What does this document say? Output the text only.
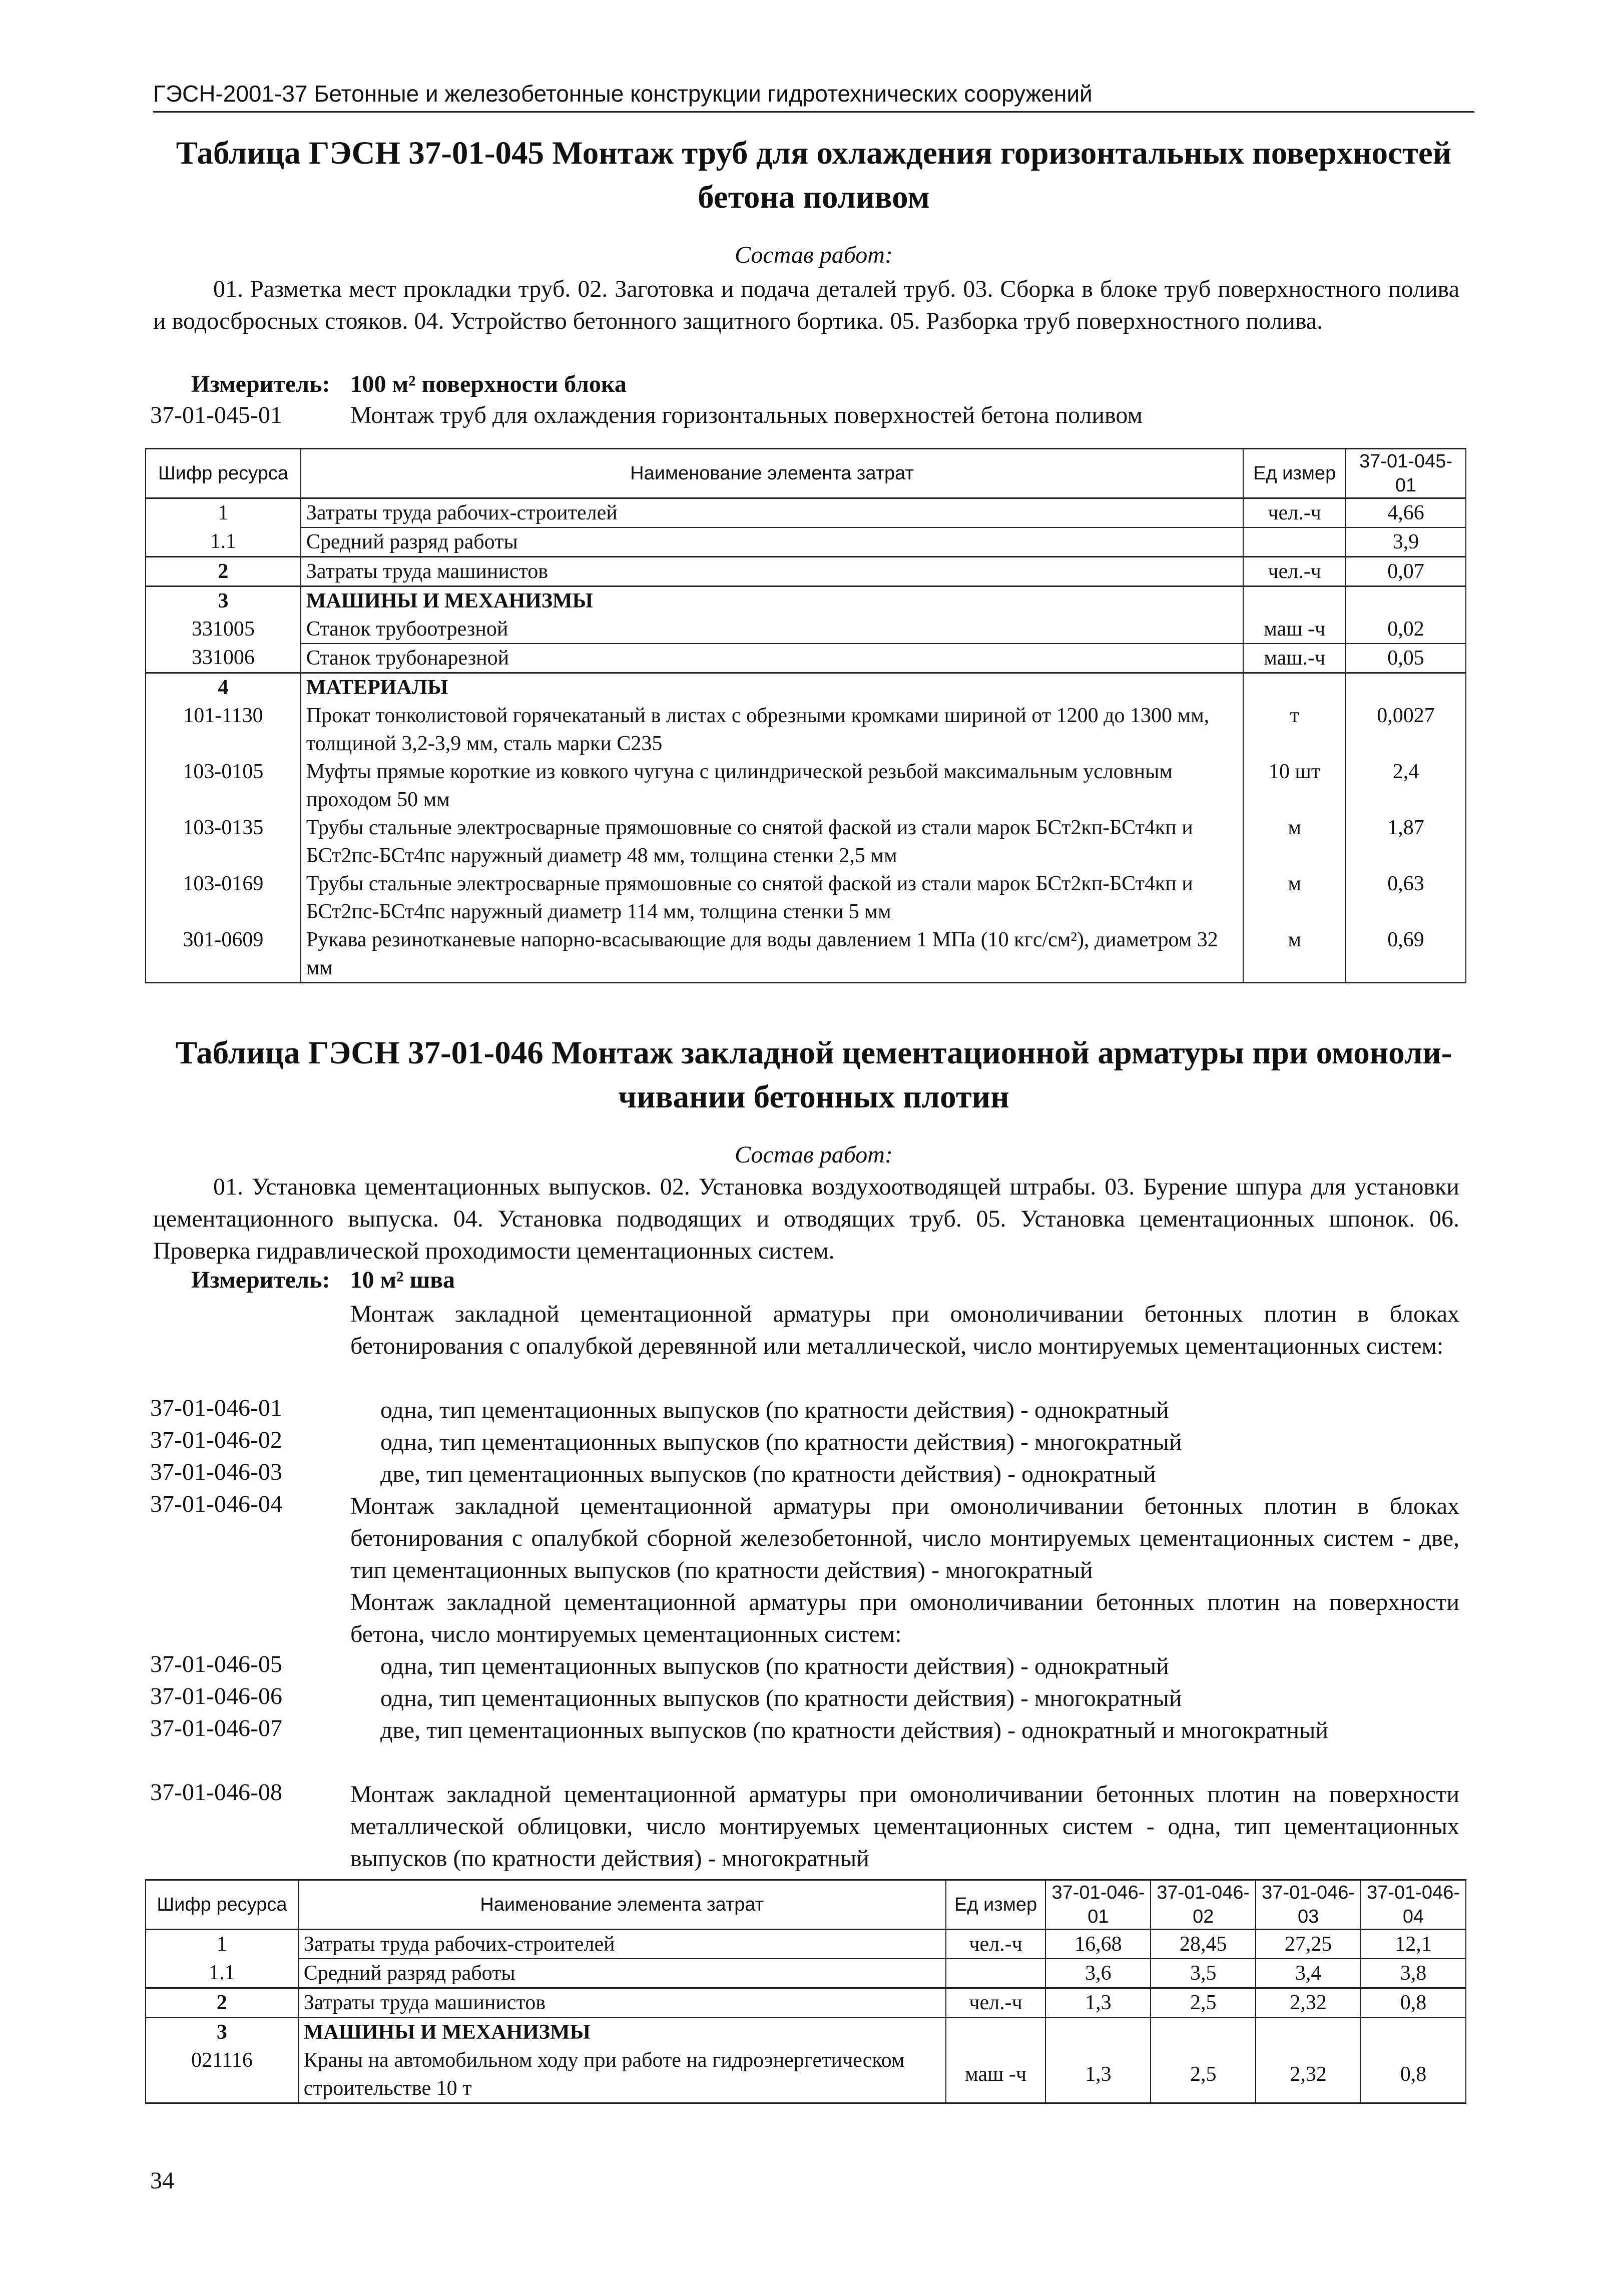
ГЭСН-2001-37 Бетонные и железобетонные конструкции гидротехнических сооружений
Таблица ГЭСН 37-01-045 Монтаж труб для охлаждения горизонтальных поверхностей
бетона поливом
Состав работ:
01. Разметка мест прокладки труб. 02. Заготовка и подача деталей труб. 03. Сборка в блоке труб поверхностного полива и водосбросных стояков. 04. Устройство бетонного защитного бортика. 05. Разборка труб поверхностного полива.
Измеритель: 100 м² поверхности блока
37-01-045-01	Монтаж труб для охлаждения горизонтальных поверхностей бетона поливом
Шифр ресурса	Наименование элемента затрат	Ед измер	37-01-045-01
1	Затраты труда рабочих-строителей	чел.-ч	4,66
1.1	Средний разряд работы		3,9
2	Затраты труда машинистов	чел.-ч	0,07
3	МАШИНЫ И МЕХАНИЗМЫ		
331005	Станок трубоотрезной	маш -ч	0,02
331006	Станок трубонарезной	маш.-ч	0,05
4	МАТЕРИАЛЫ		
101-1130	Прокат тонколистовой горячекатаный в листах с обрезными кромками шириной от 1200 до 1300 мм, толщиной 3,2-3,9 мм, сталь марки С235	т	0,0027
103-0105	Муфты прямые короткие из ковкого чугуна с цилиндрической резьбой максимальным условным проходом 50 мм	10 шт	2,4
103-0135	Трубы стальные электросварные прямошовные со снятой фаской из стали марок БСт2кп-БСт4кп и БСт2пс-БСт4пс наружный диаметр 48 мм, толщина стенки 2,5 мм	м	1,87
103-0169	Трубы стальные электросварные прямошовные со снятой фаской из стали марок БСт2кп-БСт4кп и БСт2пс-БСт4пс наружный диаметр 114 мм, толщина стенки 5 мм	м	0,63
301-0609	Рукава резинотканевые напорно-всасывающие для воды давлением 1 МПа (10 кгс/см²), диаметром 32 мм	м	0,69
Таблица ГЭСН 37-01-046 Монтаж закладной цементационной арматуры при омоноли-
чивании бетонных плотин
Состав работ:
01. Установка цементационных выпусков. 02. Установка воздухоотводящей штрабы. 03. Бурение шпура для установки цементационного выпуска. 04. Установка подводящих и отводящих труб. 05. Установка цементационных шпонок. 06. Проверка гидравлической проходимости цементационных систем.
Измеритель: 10 м² шва
Монтаж закладной цементационной арматуры при омоноличивании бетонных плотин в блоках бетонирования с опалубкой деревянной или металлической, число монтируемых цементационных систем:
37-01-046-01	одна, тип цементационных выпусков (по кратности действия) - однократный
37-01-046-02	одна, тип цементационных выпусков (по кратности действия) - многократный
37-01-046-03	две, тип цементационных выпусков (по кратности действия) - однократный
37-01-046-04	Монтаж закладной цементационной арматуры при омоноличивании бетонных плотин в блоках бетонирования с опалубкой сборной железобетонной, число монтируемых цементационных систем - две, тип цементационных выпусков (по кратности действия) - многократный
Монтаж закладной цементационной арматуры при омоноличивании бетонных плотин на поверхности бетона, число монтируемых цементационных систем:
37-01-046-05	одна, тип цементационных выпусков (по кратности действия) - однократный
37-01-046-06	одна, тип цементационных выпусков (по кратности действия) - многократный
37-01-046-07	две, тип цементационных выпусков (по кратности действия) - однократный и многократный
37-01-046-08	Монтаж закладной цементационной арматуры при омоноличивании бетонных плотин на поверхности металлической облицовки, число монтируемых цементационных систем - одна, тип цементационных выпусков (по кратности действия) - многократный
Шифр ресурса	Наименование элемента затрат	Ед измер	37-01-046-01	37-01-046-02	37-01-046-03	37-01-046-04
1	Затраты труда рабочих-строителей	чел.-ч	16,68	28,45	27,25	12,1
1.1	Средний разряд работы		3,6	3,5	3,4	3,8
2	Затраты труда машинистов	чел.-ч	1,3	2,5	2,32	0,8
3	МАШИНЫ И МЕХАНИЗМЫ					
021116	Краны на автомобильном ходу при работе на гидроэнергетическом строительстве 10 т	маш -ч	1,3	2,5	2,32	0,8
34
